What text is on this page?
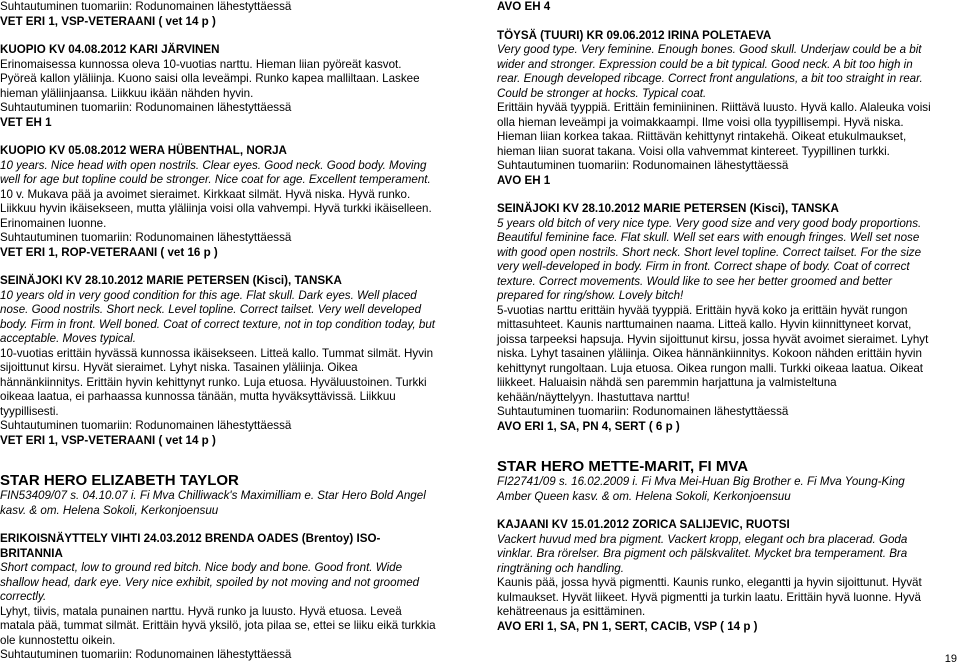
Suhtautuminen tuomariin: Rodunomainen lähestyttäessä

VET ERI 1, VSP-VETERAANI ( vet 14 p )

KUOPIO KV 04.08.2012 KARI JÄRVINEN

Erinomaisessa kunnossa oleva 10-vuotias narttu. Hieman liian pyöreät kasvot.
Pyöreä kallon yläliinja. Kuono saisi olla leveämpi. Runko kapea malliltaan. Laskee
hieman yläliinjaansa. Liikkuu ikään nähden hyvin.

Suhtautuminen tuomariin: Rodunomainen lähestyttäessä

VET EH 1

KUOPIO KV 05.08.2012 WERA HÜBENTHAL, NORJA

10 years. Nice head with open nostrils. Clear eyes. Good neck. Good body. Moving
well for age but topline could be stronger. Nice coat for age. Excellent temperament.

10 v. Mukava pää ja avoimet sieraimet. Kirkkaat silmät. Hyvä niska. Hyvä runko.
Liikkuu hyvin ikäisekseen, mutta yläliinja voisi olla vahvempi. Hyvä turkki ikäiselleen.
Erinomainen luonne.

Suhtautuminen tuomariin: Rodunomainen lähestyttäessä

VET ERI 1, ROP-VETERAANI ( vet 16 p )

SEINÄJOKI KV 28.10.2012 MARIE PETERSEN (Kisci), TANSKA

10 years old in very good condition for this age. Flat skull. Dark eyes. Well placed
nose. Good nostrils. Short neck. Level topline. Correct tailset. Very well developed
body. Firm in front. Well boned. Coat of correct texture, not in top condition today, but
acceptable. Moves typical.

10-vuotias erittäin hyvässä kunnossa ikäisekseen. Litteä kallo. Tummat silmät. Hyvin
sijoittunut kirsu. Hyvät sieraimet. Lyhyt niska. Tasainen yläliinja. Oikea
hännänkiinnitys. Erittäin hyvin kehittynyt runko. Luja etuosa. Hyväluustoinen. Turkki
oikeaa laatua, ei parhaassa kunnossa tänään, mutta hyväksyttävissä. Liikkuu
tyypillisesti.

Suhtautuminen tuomariin: Rodunomainen lähestyttäessä

VET ERI 1, VSP-VETERAANI ( vet 14 p )

STAR HERO ELIZABETH TAYLOR

FIN53409/07 s. 04.10.07 i. Fi Mva Chilliwack's Maximilliam e. Star Hero Bold Angel
kasv. & om. Helena Sokoli, Kerkonjoensuu

ERIKOISNÄYTTELY VIHTI 24.03.2012 BRENDA OADES (Brentoy) ISO-
BRITANNIA

Short compact, low to ground red bitch. Nice body and bone. Good front. Wide
shallow head, dark eye. Very nice exhibit, spoiled by not moving and not groomed
correctly.

Lyhyt, tiivis, matala punainen narttu. Hyvä runko ja luusto. Hyvä etuosa. Leveä
matala pää, tummat silmät. Erittäin hyvä yksilö, jota pilaa se, ettei se liiku eikä turkkia
ole kunnostettu oikein.

Suhtautuminen tuomariin: Rodunomainen lähestyttäessä

AVO EH 4

TÖYSÄ (TUURI) KR 09.06.2012 IRINA POLETAEVA

Very good type. Very feminine. Enough bones. Good skull. Underjaw could be a bit
wider and stronger. Expression could be a bit typical. Good neck. A bit too high in
rear. Enough developed ribcage. Correct front angulations, a bit too straight in rear.
Could be stronger at hocks. Typical coat.

Erittäin hyvää tyyppiä. Erittäin feminiininen. Riittävä luusto. Hyvä kallo. Alaleuka voisi
olla hieman leveämpi ja voimakkaampi. Ilme voisi olla tyypillisempi. Hyvä niska.
Hieman liian korkea takaa. Riittävän kehittynyt rintakehä. Oikeat etukulmaukset,
hieman liian suorat takana. Voisi olla vahvemmat kintereet. Tyypillinen turkki.

Suhtautuminen tuomariin: Rodunomainen lähestyttäessä

AVO EH 1

SEINÄJOKI KV 28.10.2012 MARIE PETERSEN (Kisci), TANSKA

5 years old bitch of very nice type. Very good size and very good body proportions.
Beautiful feminine face. Flat skull. Well set ears with enough fringes. Well set nose
with good open nostrils. Short neck. Short level topline. Correct tailset. For the size
very well-developed in body. Firm in front. Correct shape of body. Coat of correct
texture. Correct movements. Would like to see her better groomed and better
prepared for ring/show. Lovely bitch!

5-vuotias narttu erittäin hyvää tyyppiä. Erittäin hyvä koko ja erittäin hyvät rungon
mittasuhteet. Kaunis narttumainen naama. Litteä kallo. Hyvin kiinnittyneet korvat,
joissa tarpeeksi hapsuja. Hyvin sijoittunut kirsu, jossa hyvät avoimet sieraimet. Lyhyt
niska. Lyhyt tasainen yläliinja. Oikea hännänkiinnitys. Kokoon nähden erittäin hyvin
kehittynyt rungoltaan. Luja etuosa. Oikea rungon malli. Turkki oikeaa laatua. Oikeat
liikkeet. Haluaisin nähdä sen paremmin harjattuna ja valmisteltuna
kehään/näyttelyyn. Ihastuttava narttu!

Suhtautuminen tuomariin: Rodunomainen lähestyttäessä

AVO ERI 1, SA, PN 4, SERT ( 6 p )

STAR HERO METTE-MARIT, FI MVA

FI22741/09 s. 16.02.2009 i. Fi Mva Mei-Huan Big Brother e. Fi Mva Young-King
Amber Queen kasv. & om. Helena Sokoli, Kerkonjoensuu

KAJAANI KV 15.01.2012 ZORICA SALIJEVIC, RUOTSI

Vackert huvud med bra pigment. Vackert kropp, elegant och bra placerad. Goda
vinklar. Bra rörelser. Bra pigment och pälskvalitet. Mycket bra temperament. Bra
ringträning och handling.

Kaunis pää, jossa hyvä pigmentti. Kaunis runko, elegantti ja hyvin sijoittunut. Hyvät
kulmaukset. Hyvät liikeet. Hyvä pigmentti ja turkin laatu. Erittäin hyvä luonne. Hyvä
kehätreenaus ja esittäminen.

AVO ERI 1, SA, PN 1, SERT, CACIB, VSP ( 14 p )

19
